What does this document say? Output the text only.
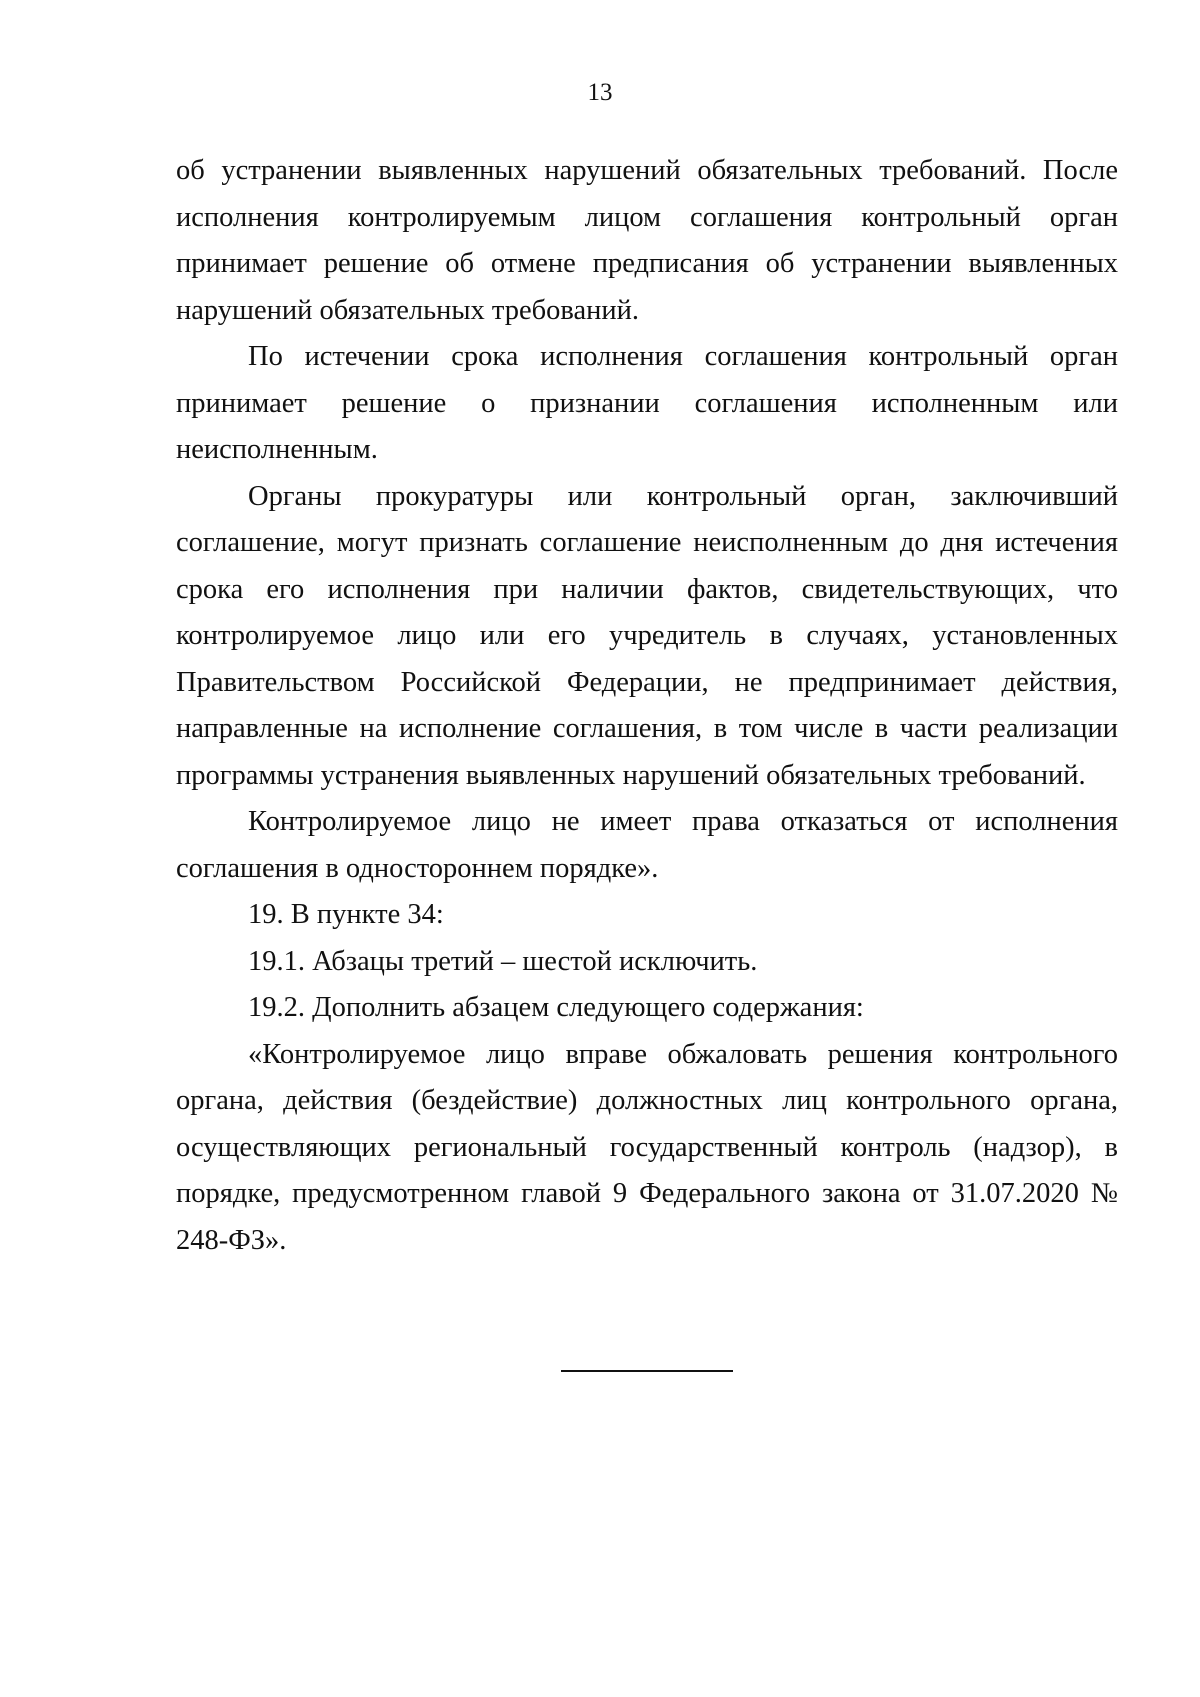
13

об устранении выявленных нарушений обязательных требований. После исполнения контролируемым лицом соглашения контрольный орган принимает решение об отмене предписания об устранении выявленных нарушений обязательных требований.

По истечении срока исполнения соглашения контрольный орган принимает решение о признании соглашения исполненным или неисполненным.

Органы прокуратуры или контрольный орган, заключивший соглашение, могут признать соглашение неисполненным до дня истечения срока его исполнения при наличии фактов, свидетельствующих, что контролируемое лицо или его учредитель в случаях, установленных Правительством Российской Федерации, не предпринимает действия, направленные на исполнение соглашения, в том числе в части реализации программы устранения выявленных нарушений обязательных требований.

Контролируемое лицо не имеет права отказаться от исполнения соглашения в одностороннем порядке».

19. В пункте 34:

19.1. Абзацы третий – шестой исключить.

19.2. Дополнить абзацем следующего содержания:

«Контролируемое лицо вправе обжаловать решения контрольного органа, действия (бездействие) должностных лиц контрольного органа, осуществляющих региональный государственный контроль (надзор), в порядке, предусмотренном главой 9 Федерального закона от 31.07.2020 № 248-ФЗ».
